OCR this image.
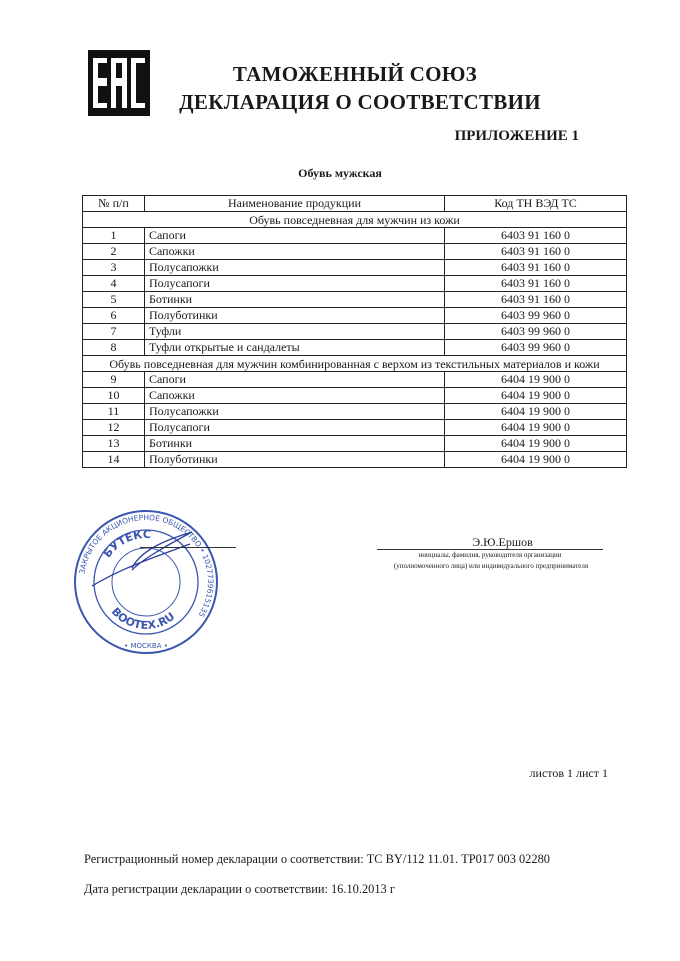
ТАМОЖЕННЫЙ СОЮЗ
ДЕКЛАРАЦИЯ О СООТВЕТСТВИИ
ПРИЛОЖЕНИЕ 1
Обувь мужская
№ п/п	Наименование продукции	Код ТН ВЭД ТС
Обувь повседневная для мужчин из кожи		
1	Сапоги	6403 91 160 0
2	Сапожки	6403 91 160 0
3	Полусапожки	6403 91 160 0
4	Полусапоги	6403 91 160 0
5	Ботинки	6403 91 160 0
6	Полуботинки	6403 99 960 0
7	Туфли	6403 99 960 0
8	Туфли открытые и сандалеты	6403 99 960 0
Обувь повседневная для мужчин комбинированная с верхом из текстильных материалов и кожи		
9	Сапоги	6404 19 900 0
10	Сапожки	6404 19 900 0
11	Полусапожки	6404 19 900 0
12	Полусапоги	6404 19 900 0
13	Ботинки	6404 19 900 0
14	Полуботинки	6404 19 900 0
ЗАКРЫТОЕ АКЦИОНЕРНОЕ ОБЩЕСТВО • 1027739615135
БУТЕКС
BOOTEX.RU
• МОСКВА •
Э.Ю.Ершов
инициалы, фамилия, руководителя организации
(уполномоченного лица) или индивидуального предпринимателя
листов 1 лист 1
Регистрационный номер декларации о соответствии: ТС BY/112 11.01. ТР017 003 02280
Дата регистрации декларации о соответствии: 16.10.2013 г
